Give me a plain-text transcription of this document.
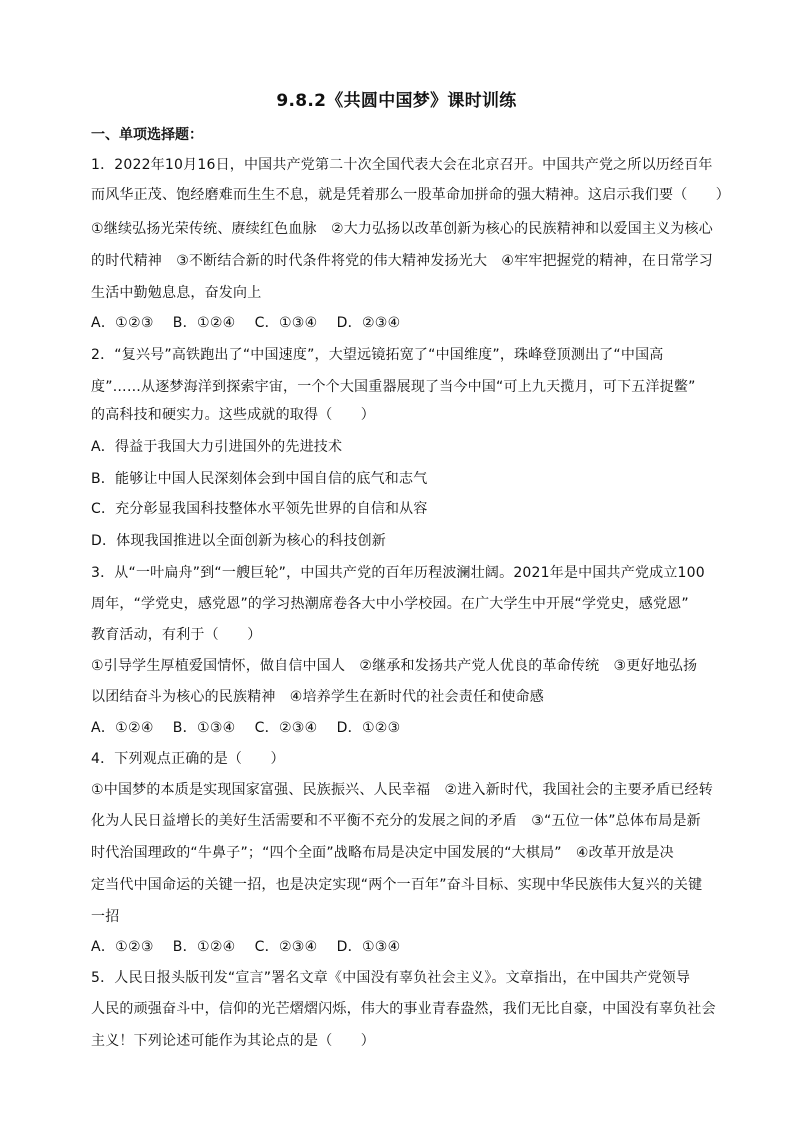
9.8.2《共圆中国梦》课时训练
一、单项选择题：
1．2022年10月16日，中国共产党第二十次全国代表大会在北京召开。中国共产党之所以历经百年
而风华正茂、饱经磨难而生生不息，就是凭着那么一股革命加拼命的强大精神。这启示我们要（　　）
①继续弘扬光荣传统、赓续红色血脉　②大力弘扬以改革创新为核心的民族精神和以爱国主义为核心
的时代精神　③不断结合新的时代条件将党的伟大精神发扬光大　④牢牢把握党的精神，在日常学习
生活中勤勉息息，奋发向上
A．①②③　 B．①②④　 C．①③④　 D．②③④
2．“复兴号”高铁跑出了“中国速度”，大望远镜拓宽了“中国维度”，珠峰登顶测出了“中国高
度”……从逐梦海洋到探索宇宙，一个个大国重器展现了当今中国“可上九天揽月，可下五洋捉鳖”
的高科技和硬实力。这些成就的取得（　　）
A．得益于我国大力引进国外的先进技术
B．能够让中国人民深刻体会到中国自信的底气和志气
C．充分彰显我国科技整体水平领先世界的自信和从容
D．体现我国推进以全面创新为核心的科技创新
3．从“一叶扁舟”到“一艘巨轮”，中国共产党的百年历程波澜壮阔。2021年是中国共产党成立100
周年，“学党史，感党恩”的学习热潮席卷各大中小学校园。在广大学生中开展“学党史，感党恩”
教育活动，有利于（　　）
①引导学生厚植爱国情怀，做自信中国人　②继承和发扬共产党人优良的革命传统　③更好地弘扬
以团结奋斗为核心的民族精神　④培养学生在新时代的社会责任和使命感
A．①②④　 B．①③④　 C．②③④　 D．①②③
4．下列观点正确的是（　　）
①中国梦的本质是实现国家富强、民族振兴、人民幸福　②进入新时代，我国社会的主要矛盾已经转
化为人民日益增长的美好生活需要和不平衡不充分的发展之间的矛盾　③“五位一体”总体布局是新
时代治国理政的“牛鼻子”；“四个全面”战略布局是决定中国发展的“大棋局”　④改革开放是决
定当代中国命运的关键一招，也是决定实现“两个一百年”奋斗目标、实现中华民族伟大复兴的关键
一招
A．①②③　 B．①②④　 C．②③④　 D．①③④
5．人民日报头版刊发“宣言”署名文章《中国没有辜负社会主义》。文章指出，在中国共产党领导
人民的顽强奋斗中，信仰的光芒熠熠闪烁，伟大的事业青春盎然，我们无比自豪，中国没有辜负社会
主义！下列论述可能作为其论点的是（　　）
